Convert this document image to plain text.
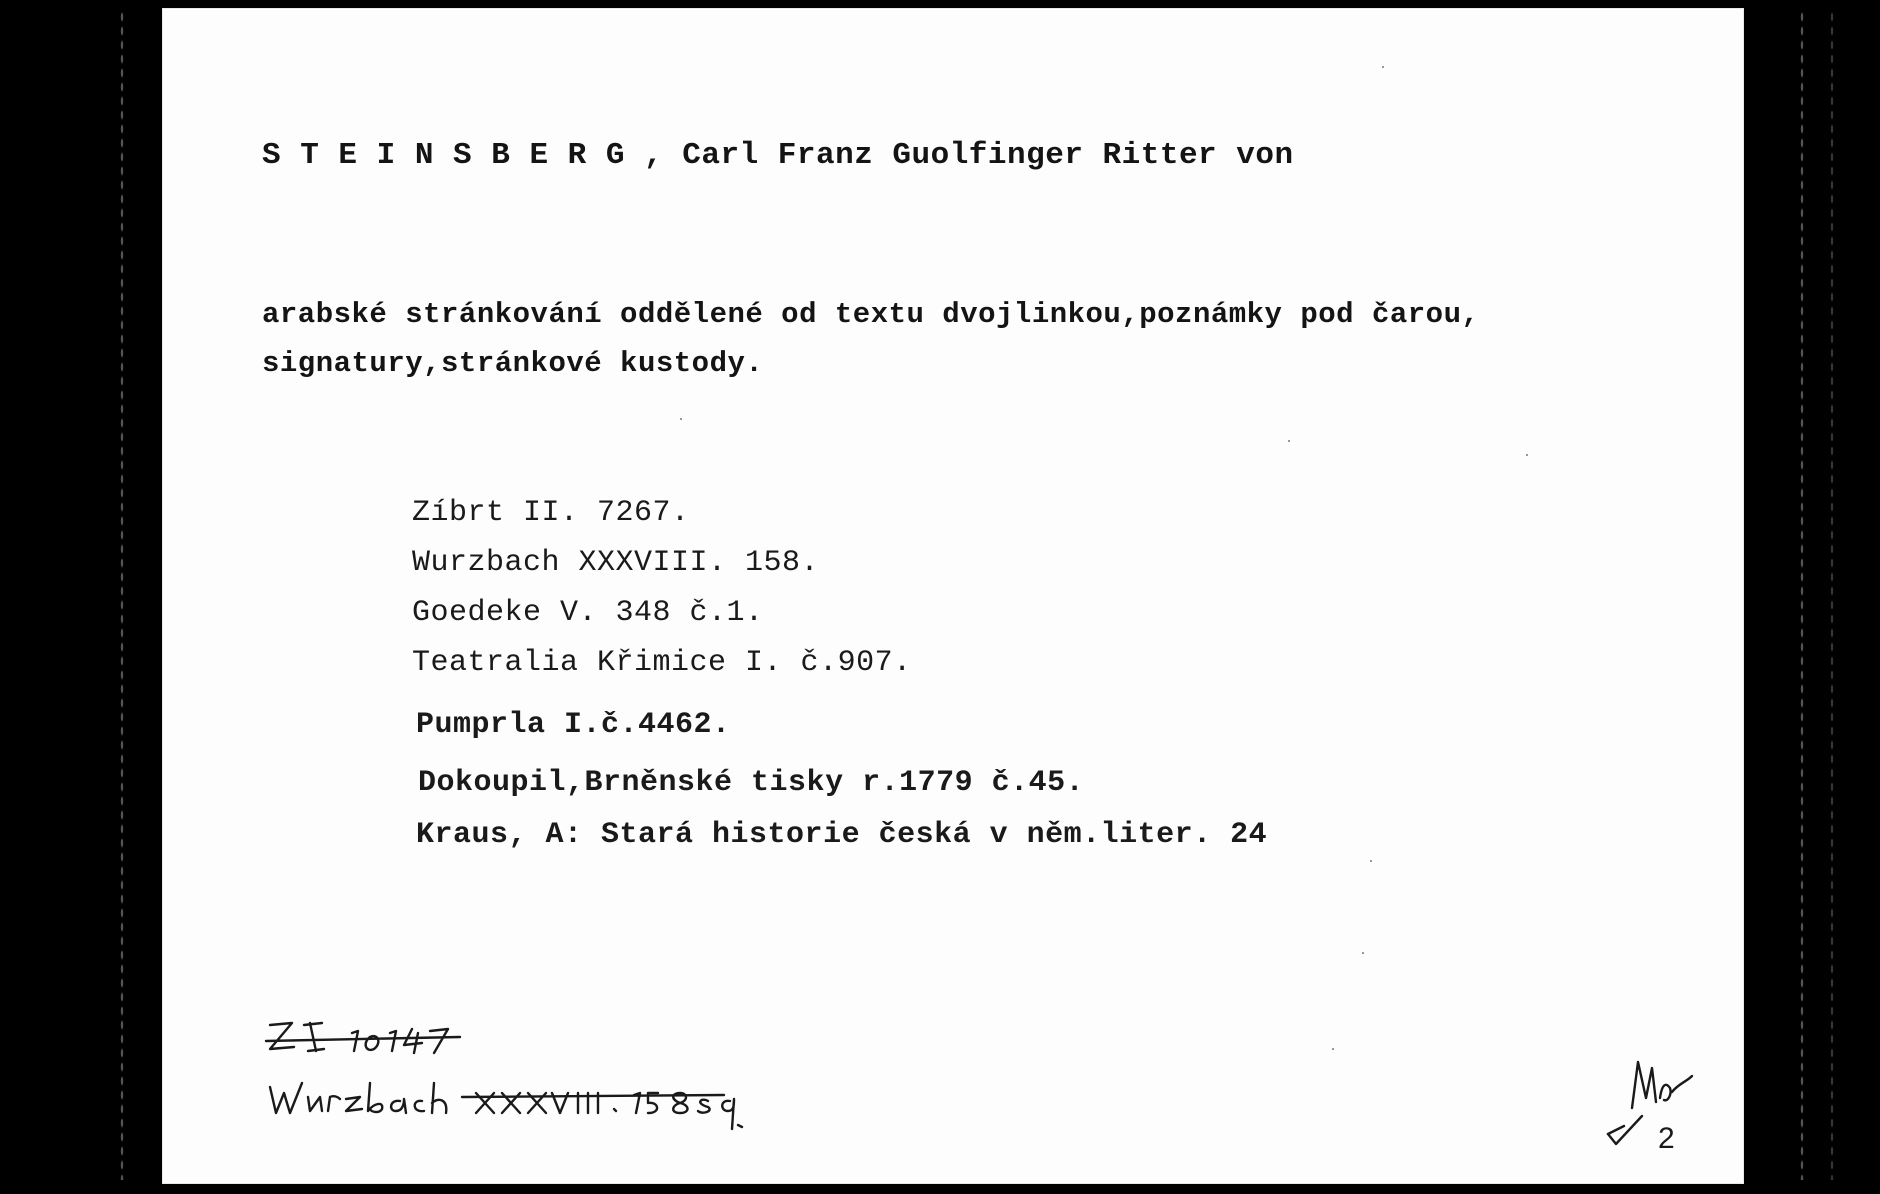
S T E I N S B E R G , Carl Franz Guolfinger Ritter von
arabské stránkování oddělené od textu dvojlinkou,poznámky pod čarou,
signatury,stránkové kustody.
Zíbrt II. 7267.
Wurzbach XXXVIII. 158.
Goedeke V. 348 č.1.
Teatralia Křimice I. č.907.
Pumprla I.č.4462.
Dokoupil,Brněnské tisky r.1779 č.45.
Kraus, A: Stará historie česká v něm.liter. 24
2
